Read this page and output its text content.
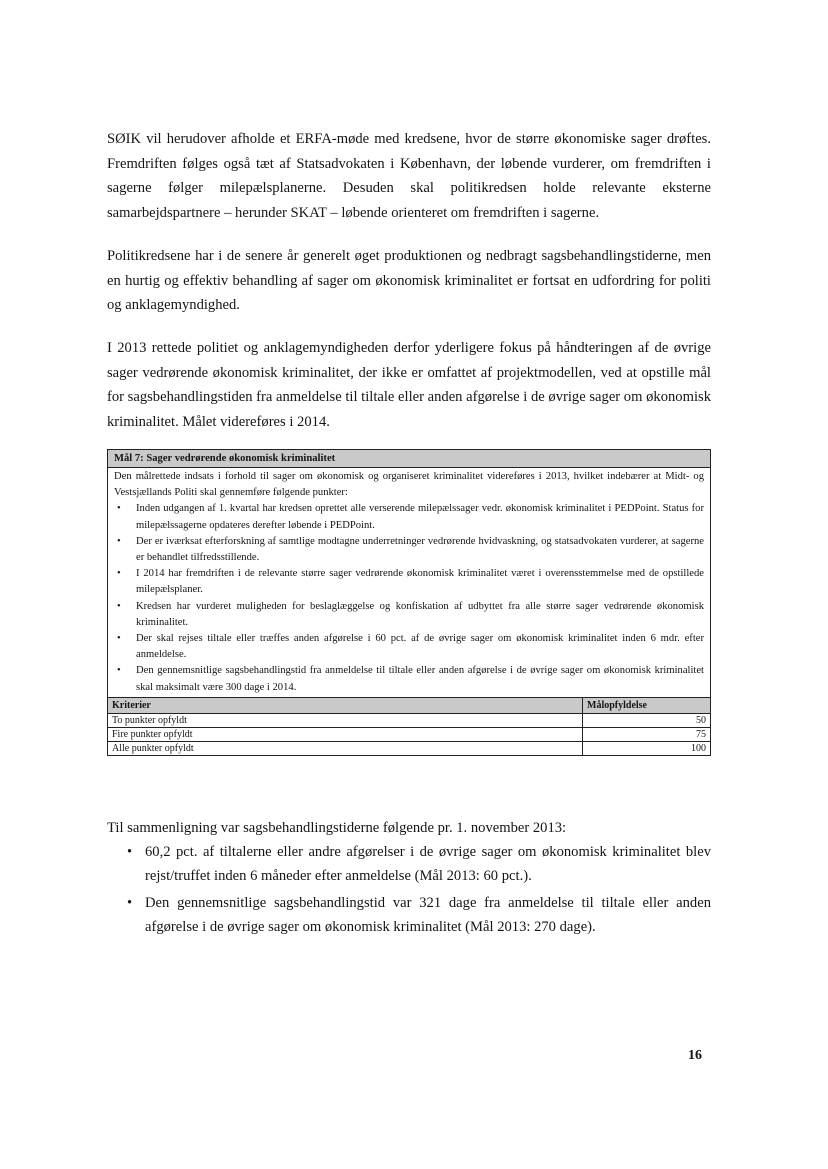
SØIK vil herudover afholde et ERFA-møde med kredsene, hvor de større økonomiske sager drøftes. Fremdriften følges også tæt af Statsadvokaten i København, der løbende vurderer, om fremdriften i sagerne følger milepælsplanerne. Desuden skal politikredsen holde relevante eksterne samarbejdspartnere – herunder SKAT – løbende orienteret om fremdriften i sagerne.

Politikredsene har i de senere år generelt øget produktionen og nedbragt sagsbehandlingstiderne, men en hurtig og effektiv behandling af sager om økonomisk kriminalitet er fortsat en udfordring for politi og anklagemyndighed.

I 2013 rettede politiet og anklagemyndigheden derfor yderligere fokus på håndteringen af de øvrige sager vedrørende økonomisk kriminalitet, der ikke er omfattet af projektmodellen, ved at opstille mål for sagsbehandlingstiden fra anmeldelse til tiltale eller anden afgørelse i de øvrige sager om økonomisk kriminalitet. Målet videreføres i 2014.

Mål 7: Sager vedrørende økonomisk kriminalitet

Den målrettede indsats i forhold til sager om økonomisk og organiseret kriminalitet videreføres i 2013, hvilket indebærer at Midt- og Vestsjællands Politi skal gennemføre følgende punkter:

• Inden udgangen af 1. kvartal har kredsen oprettet alle verserende milepælssager vedr. økonomisk kriminalitet i PEDPoint. Status for milepælssagerne opdateres derefter løbende i PEDPoint.
• Der er iværksat efterforskning af samtlige modtagne underretninger vedrørende hvidvaskning, og statsadvokaten vurderer, at sagerne er behandlet tilfredsstillende.
• I 2014 har fremdriften i de relevante større sager vedrørende økonomisk kriminalitet været i overensstemmelse med de opstillede milepælsplaner.
• Kredsen har vurderet muligheden for beslaglæggelse og konfiskation af udbyttet fra alle større sager vedrørende økonomisk kriminalitet.
• Der skal rejses tiltale eller træffes anden afgørelse i 60 pct. af de øvrige sager om økonomisk kriminalitet inden 6 mdr. efter anmeldelse.
• Den gennemsnitlige sagsbehandlingstid fra anmeldelse til tiltale eller anden afgørelse i de øvrige sager om økonomisk kriminalitet skal maksimalt være 300 dage i 2014.
Kriterier	Målopfyldelse
To punkter opfyldt	50
Fire punkter opfyldt	75
Alle punkter opfyldt	100

Til sammenligning var sagsbehandlingstiderne følgende pr. 1. november 2013:

• 60,2 pct. af tiltalerne eller andre afgørelser i de øvrige sager om økonomisk kriminalitet blev rejst/truffet inden 6 måneder efter anmeldelse (Mål 2013: 60 pct.).
• Den gennemsnitlige sagsbehandlingstid var 321 dage fra anmeldelse til tiltale eller anden afgørelse i de øvrige sager om økonomisk kriminalitet (Mål 2013: 270 dage).
16
